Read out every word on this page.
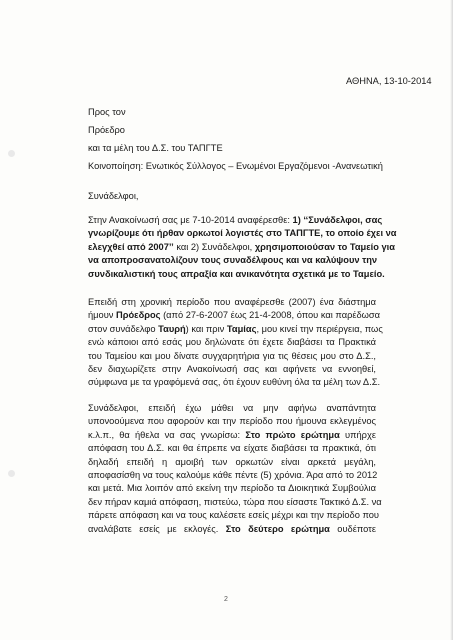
ΑΘΗΝΑ, 13-10-2014
Προς τον
Πρόεδρο
και τα μέλη του Δ.Σ. του ΤΑΠΓΤΕ
Κοινοποίηση: Ενωτικός Σύλλογος – Ενωμένοι Εργαζόμενοι -Ανανεωτική
Συνάδελφοι,
Στην Ανακοίνωσή σας με 7-10-2014 αναφέρεσθε: 1) ‘‘Συνάδελφοι, σας
γνωρίζουμε ότι ήρθαν ορκωτοί λογιστές στο ΤΑΠΓΤΕ, το οποίο έχει να
ελεγχθεί από 2007’’ και 2) Συνάδελφοι, χρησιμοποιούσαν το Ταμείο για
να αποπροσανατολίζουν τους συναδέλφους και να καλύψουν την
συνδικαλιστική τους απραξία και ανικανότητα σχετικά με το Ταμείο.
Επειδή στη χρονική περίοδο που αναφέρεσθε (2007) ένα διάστημα
ήμουν Πρόεδρος (από 27-6-2007 έως 21-4-2008, όπου και παρέδωσα
στον συνάδελφο Ταυρή) και πριν Ταμίας, μου κινεί την περιέργεια, πως
ενώ κάποιοι από εσάς μου δηλώνατε ότι έχετε διαβάσει τα Πρακτικά
του Ταμείου και μου δίνατε συγχαρητήρια για τις θέσεις μου στο Δ.Σ.,
δεν διαχωρίζετε στην Ανακοίνωσή σας και αφήνετε να εννοηθεί,
σύμφωνα με τα γραφόμενά σας, ότι έχουν ευθύνη όλα τα μέλη των Δ.Σ.
Συνάδελφοι, επειδή έχω μάθει να μην αφήνω αναπάντητα
υπονοούμενα που αφορούν και την περίοδο που ήμουνα εκλεγμένος
κ.λ.π., θα ήθελα να σας γνωρίσω: Στο πρώτο ερώτημα υπήρχε
απόφαση του Δ.Σ. και θα έπρεπε να είχατε διαβάσει τα πρακτικά, ότι
δηλαδή επειδή η αμοιβή των ορκωτών είναι αρκετά μεγάλη,
αποφασίσθη να τους καλούμε κάθε πέντε (5) χρόνια. Άρα από το 2012
και μετά. Μια λοιπόν από εκείνη την περίοδο τα Διοικητικά Συμβούλια
δεν πήραν καμιά απόφαση, πιστεύω, τώρα που είσαστε Τακτικό Δ.Σ. να
πάρετε απόφαση και να τους καλέσετε εσείς μέχρι και την περίοδο που
αναλάβατε εσείς με εκλογές. Στο δεύτερο ερώτημα ουδέποτε
2
